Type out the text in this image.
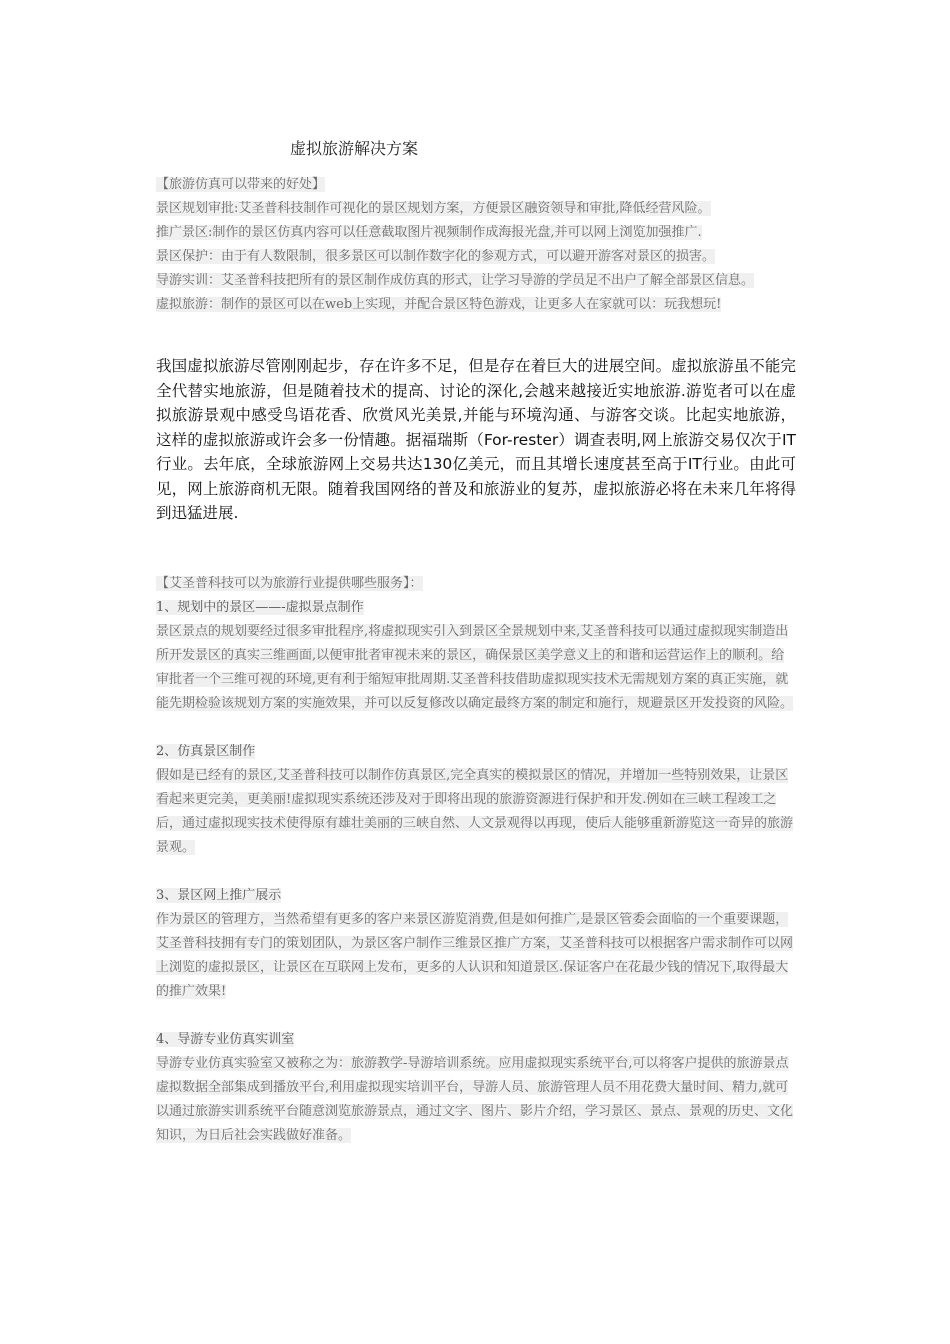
虚拟旅游解决方案

【旅游仿真可以带来的好处】

景区规划审批:艾圣普科技制作可视化的景区规划方案，方便景区融资领导和审批,降低经营风险。

推广景区:制作的景区仿真内容可以任意截取图片视频制作成海报光盘,并可以网上浏览加强推广.

景区保护：由于有人数限制，很多景区可以制作数字化的参观方式，可以避开游客对景区的损害。

导游实训：艾圣普科技把所有的景区制作成仿真的形式，让学习导游的学员足不出户了解全部景区信息。

虚拟旅游：制作的景区可以在web上实现，并配合景区特色游戏，让更多人在家就可以：玩我想玩!

我国虚拟旅游尽管刚刚起步，存在许多不足，但是存在着巨大的进展空间。虚拟旅游虽不能完全代替实地旅游，但是随着技术的提高、讨论的深化,会越来越接近实地旅游.游览者可以在虚拟旅游景观中感受鸟语花香、欣赏风光美景,并能与环境沟通、与游客交谈。比起实地旅游，这样的虚拟旅游或许会多一份情趣。据福瑞斯（For-rester）调查表明,网上旅游交易仅次于IT行业。去年底，全球旅游网上交易共达130亿美元，而且其增长速度甚至高于IT行业。由此可见，网上旅游商机无限。随着我国网络的普及和旅游业的复苏，虚拟旅游必将在未来几年将得到迅猛进展.

【艾圣普科技可以为旅游行业提供哪些服务】：

1、规划中的景区——-虚拟景点制作

景区景点的规划要经过很多审批程序,将虚拟现实引入到景区全景规划中来,艾圣普科技可以通过虚拟现实制造出所开发景区的真实三维画面,以便审批者审视未来的景区，确保景区美学意义上的和谐和运营运作上的顺利。给审批者一个三维可视的环境,更有利于缩短审批周期.艾圣普科技借助虚拟现实技术无需规划方案的真正实施，就能先期检验该规划方案的实施效果，并可以反复修改以确定最终方案的制定和施行，规避景区开发投资的风险。

2、仿真景区制作

假如是已经有的景区,艾圣普科技可以制作仿真景区,完全真实的模拟景区的情况，并增加一些特别效果，让景区看起来更完美，更美丽!虚拟现实系统还涉及对于即将出现的旅游资源进行保护和开发.例如在三峡工程竣工之后，通过虚拟现实技术使得原有雄壮美丽的三峡自然、人文景观得以再现，使后人能够重新游览这一奇异的旅游景观。

3、景区网上推广展示

作为景区的管理方，当然希望有更多的客户来景区游览消费,但是如何推广,是景区管委会面临的一个重要课题，艾圣普科技拥有专门的策划团队，为景区客户制作三维景区推广方案，艾圣普科技可以根据客户需求制作可以网上浏览的虚拟景区，让景区在互联网上发布，更多的人认识和知道景区.保证客户在花最少钱的情况下,取得最大的推广效果!

4、导游专业仿真实训室

导游专业仿真实验室又被称之为：旅游教学-导游培训系统。应用虚拟现实系统平台,可以将客户提供的旅游景点虚拟数据全部集成到播放平台,利用虚拟现实培训平台，导游人员、旅游管理人员不用花费大量时间、精力,就可以通过旅游实训系统平台随意浏览旅游景点，通过文字、图片、影片介绍，学习景区、景点、景观的历史、文化知识，为日后社会实践做好准备。
